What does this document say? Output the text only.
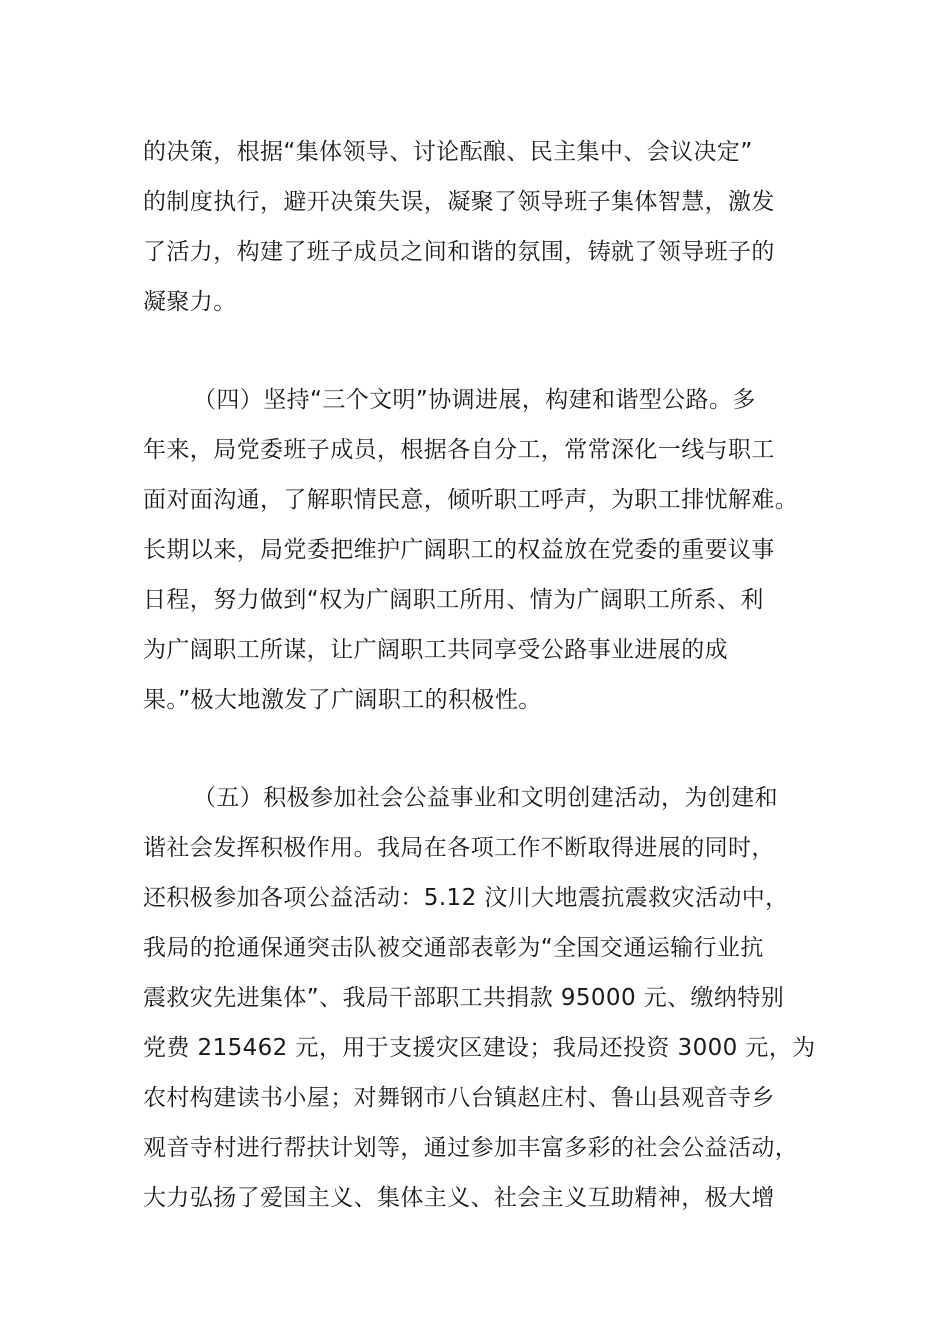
的决策，根据“集体领导、讨论酝酿、民主集中、会议决定”
的制度执行，避开决策失误，凝聚了领导班子集体智慧，激发
了活力，构建了班子成员之间和谐的氛围，铸就了领导班子的
凝聚力。
（四）坚持“三个文明”协调进展，构建和谐型公路。多
年来，局党委班子成员，根据各自分工，常常深化一线与职工
面对面沟通，了解职情民意，倾听职工呼声，为职工排忧解难。
长期以来，局党委把维护广阔职工的权益放在党委的重要议事
日程，努力做到“权为广阔职工所用、情为广阔职工所系、利
为广阔职工所谋，让广阔职工共同享受公路事业进展的成
果。”极大地激发了广阔职工的积极性。
（五）积极参加社会公益事业和文明创建活动，为创建和
谐社会发挥积极作用。我局在各项工作不断取得进展的同时，
还积极参加各项公益活动：5.12 汶川大地震抗震救灾活动中，
我局的抢通保通突击队被交通部表彰为“全国交通运输行业抗
震救灾先进集体”、我局干部职工共捐款 95000 元、缴纳特别
党费 215462 元，用于支援灾区建设；我局还投资 3000 元，为
农村构建读书小屋；对舞钢市八台镇赵庄村、鲁山县观音寺乡
观音寺村进行帮扶计划等，通过参加丰富多彩的社会公益活动，
大力弘扬了爱国主义、集体主义、社会主义互助精神，极大增
